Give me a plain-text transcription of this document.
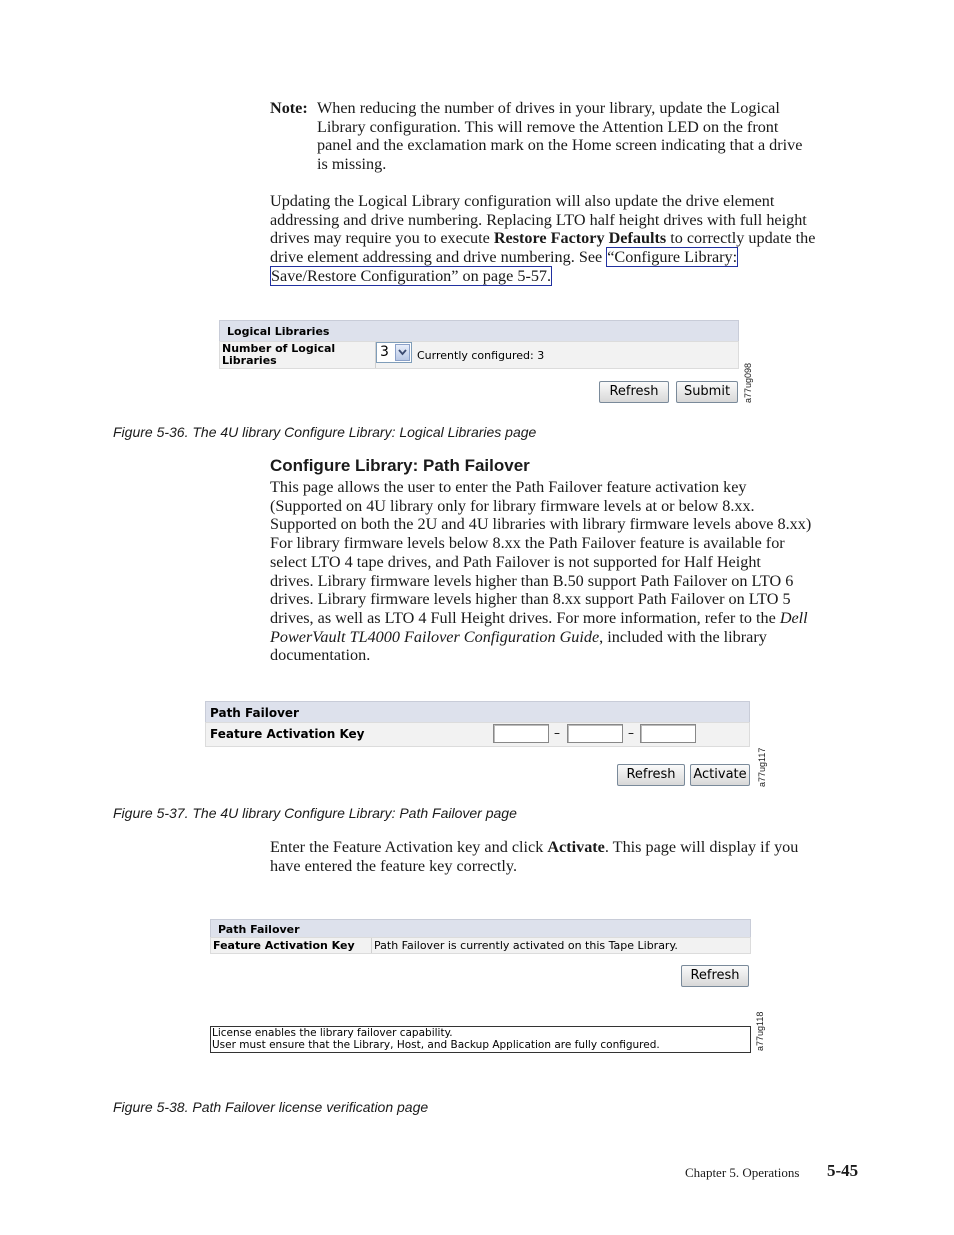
Note: When reducing the number of drives in your library, update the Logical
Library configuration. This will remove the Attention LED on the front
panel and the exclamation mark on the Home screen indicating that a drive
is missing.
Updating the Logical Library configuration will also update the drive element
addressing and drive numbering. Replacing LTO half height drives with full height
drives may require you to execute Restore Factory Defaults to correctly update the
drive element addressing and drive numbering. See “Configure Library:
Save/Restore Configuration” on page 5-57.
Logical Libraries
Number of Logical
Libraries
3	Currently configured: 3
Refresh	Submit	a77ug098
Figure 5-36. The 4U library Configure Library: Logical Libraries page
Configure Library: Path Failover
This page allows the user to enter the Path Failover feature activation key
(Supported on 4U library only for library firmware levels at or below 8.xx.
Supported on both the 2U and 4U libraries with library firmware levels above 8.xx)
For library firmware levels below 8.xx the Path Failover feature is available for
select LTO 4 tape drives, and Path Failover is not supported for Half Height
drives. Library firmware levels higher than B.50 support Path Failover on LTO 6
drives. Library firmware levels higher than 8.xx support Path Failover on LTO 5
drives, as well as LTO 4 Full Height drives. For more information, refer to the Dell
PowerVault TL4000 Failover Configuration Guide, included with the library
documentation.
Path Failover
Feature Activation Key	–	–
Refresh	Activate	a77ug117
Figure 5-37. The 4U library Configure Library: Path Failover page
Enter the Feature Activation key and click Activate. This page will display if you
have entered the feature key correctly.
Path Failover
Feature Activation Key Path Failover is currently activated on this Tape Library.
Refresh
License enables the library failover capability.
User must ensure that the Library, Host, and Backup Application are fully configured.	a77ug118
Figure 5-38. Path Failover license verification page
Chapter 5. Operations 5-45
